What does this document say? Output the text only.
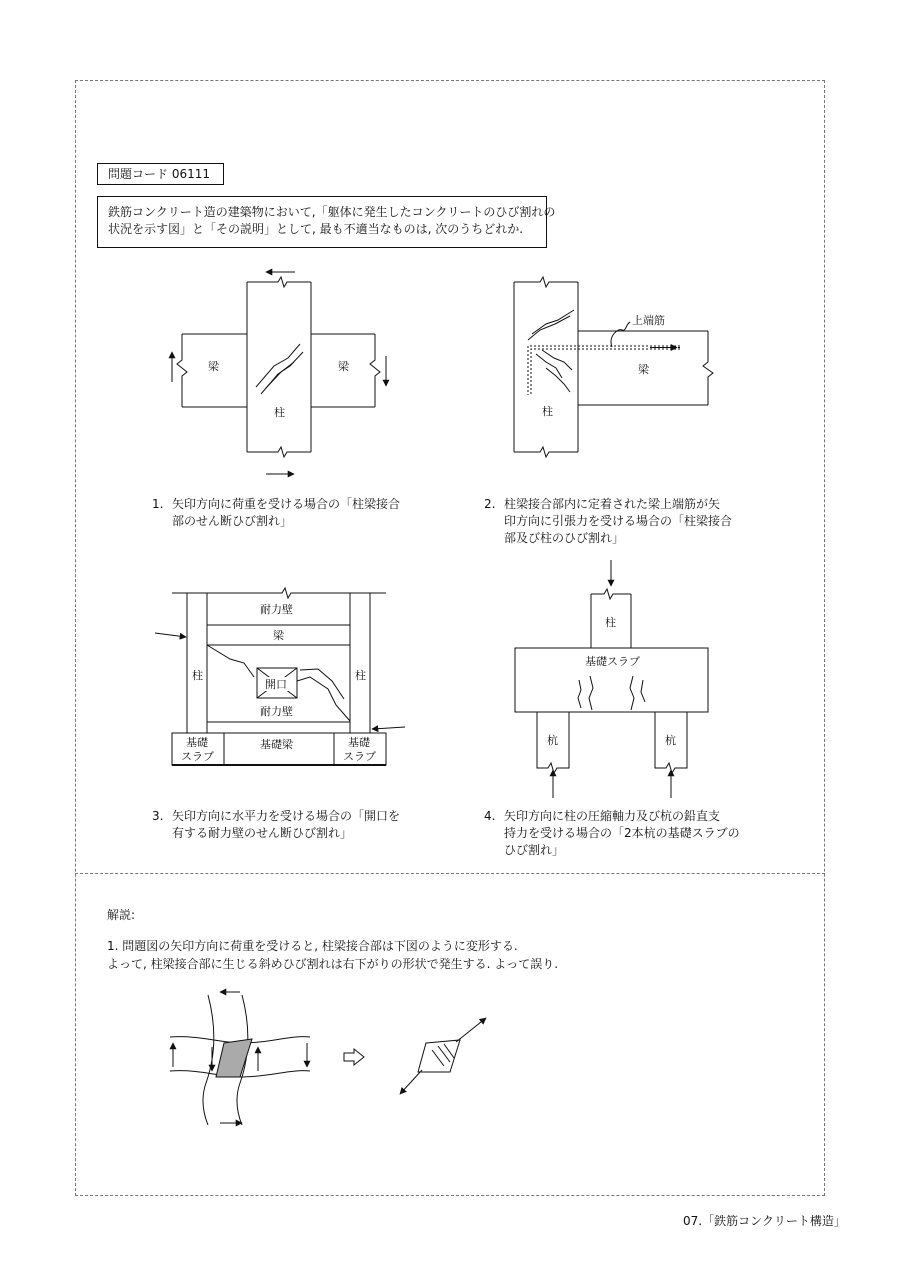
問題コード 06111
鉄筋コンクリート造の建築物において,「躯体に発生したコンクリートのひび割れの
状況を示す図」と「その説明」として, 最も不適当なものは, 次のうちどれか.
梁	梁
柱
上端筋
梁
柱
耐力壁
梁
柱	柱
開口
耐力壁
基礎
スラブ
基礎梁	基礎
スラブ
柱
基礎スラブ
杭	杭
1. 矢印方向に荷重を受ける場合の「柱梁接合
部のせん断ひび割れ」
2. 柱梁接合部内に定着された梁上端筋が矢
印方向に引張力を受ける場合の「柱梁接合
部及び柱のひび割れ」
3. 矢印方向に水平力を受ける場合の「開口を
有する耐力壁のせん断ひび割れ」
4. 矢印方向に柱の圧縮軸力及び杭の鉛直支
持力を受ける場合の「2本杭の基礎スラブの
ひび割れ」
解説:
1. 問題図の矢印方向に荷重を受けると, 柱梁接合部は下図のように変形する.
よって, 柱梁接合部に生じる斜めひび割れは右下がりの形状で発生する. よって誤り.
07.「鉄筋コンクリート構造」
